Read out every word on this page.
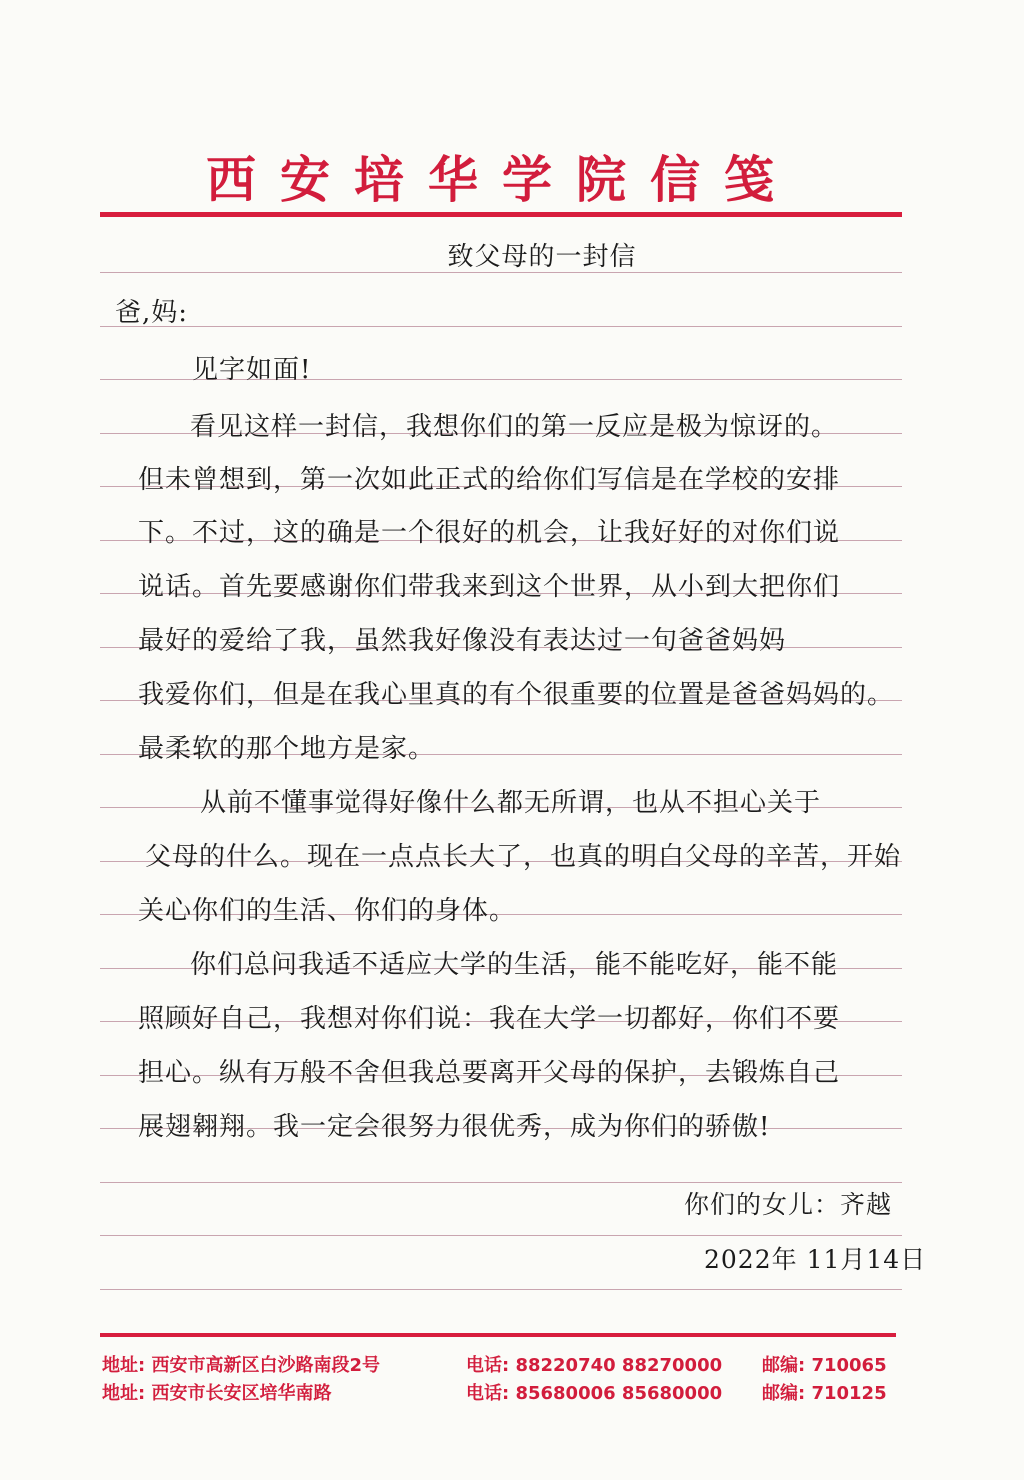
西安培华学院信笺
致父母的一封信
爸,妈:
见字如面!
看见这样一封信，我想你们的第一反应是极为惊讶的。
但未曾想到，第一次如此正式的给你们写信是在学校的安排
下。不过，这的确是一个很好的机会，让我好好的对你们说
说话。首先要感谢你们带我来到这个世界，从小到大把你们
最好的爱给了我，虽然我好像没有表达过一句爸爸妈妈
我爱你们，但是在我心里真的有个很重要的位置是爸爸妈妈的。
最柔软的那个地方是家。
从前不懂事觉得好像什么都无所谓，也从不担心关于
父母的什么。现在一点点长大了，也真的明白父母的辛苦，开始
关心你们的生活、你们的身体。
你们总问我适不适应大学的生活，能不能吃好，能不能
照顾好自己，我想对你们说：我在大学一切都好，你们不要
担心。纵有万般不舍但我总要离开父母的保护，去锻炼自己
展翅翱翔。我一定会很努力很优秀，成为你们的骄傲!
你们的女儿：齐越
2022年 11月14日
地址: 西安市高新区白沙路南段2号	电话: 88220740 88270000 邮编: 710065
地址: 西安市长安区培华南路	电话: 85680006 85680000 邮编: 710125
